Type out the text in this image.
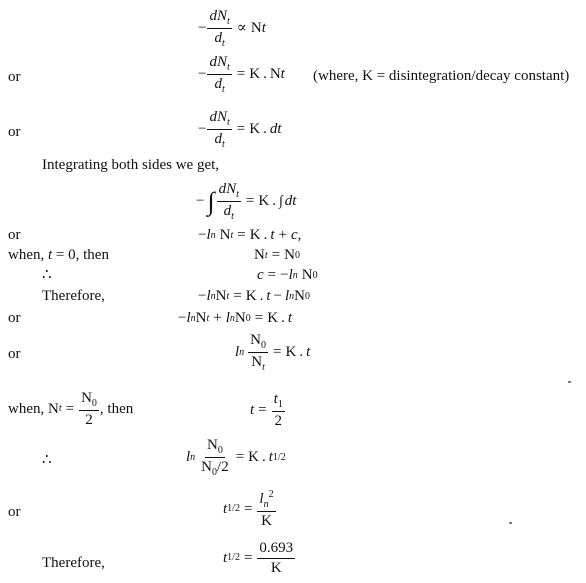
− $\frac{dN_t}{d_t} \propto N$ t
or	− $\frac{dN_t}{d_t} = K$ . N t (where, K = disintegration/decay constant)
or	− $\frac{dN_t}{d_t} = K$ . d t
Integrating both sides we get,
− ∫ $\frac{dN_t}{d_t} = K$ . ∫ dt
or	− l n N t = K . t + c ,
when, t = 0, then	N t = N 0
∴	c = − l n N 0
Therefore,	− l n N t = K . t − l n N 0
or	− l n N t + l n N 0 = K . t
or	l n $\frac{N_0}{N_t} = K$ . t
when, N $t = \frac{N_0}{2}$ , then	$t = \frac{t_1}{2}$
∴	l n $\frac{N_0}{N_0/2} = K$ . t 1/2
or	t $1/2 = \frac{l_n^2}{K}$
Therefore,	t $1/2 = \frac{0.693}{K}$
